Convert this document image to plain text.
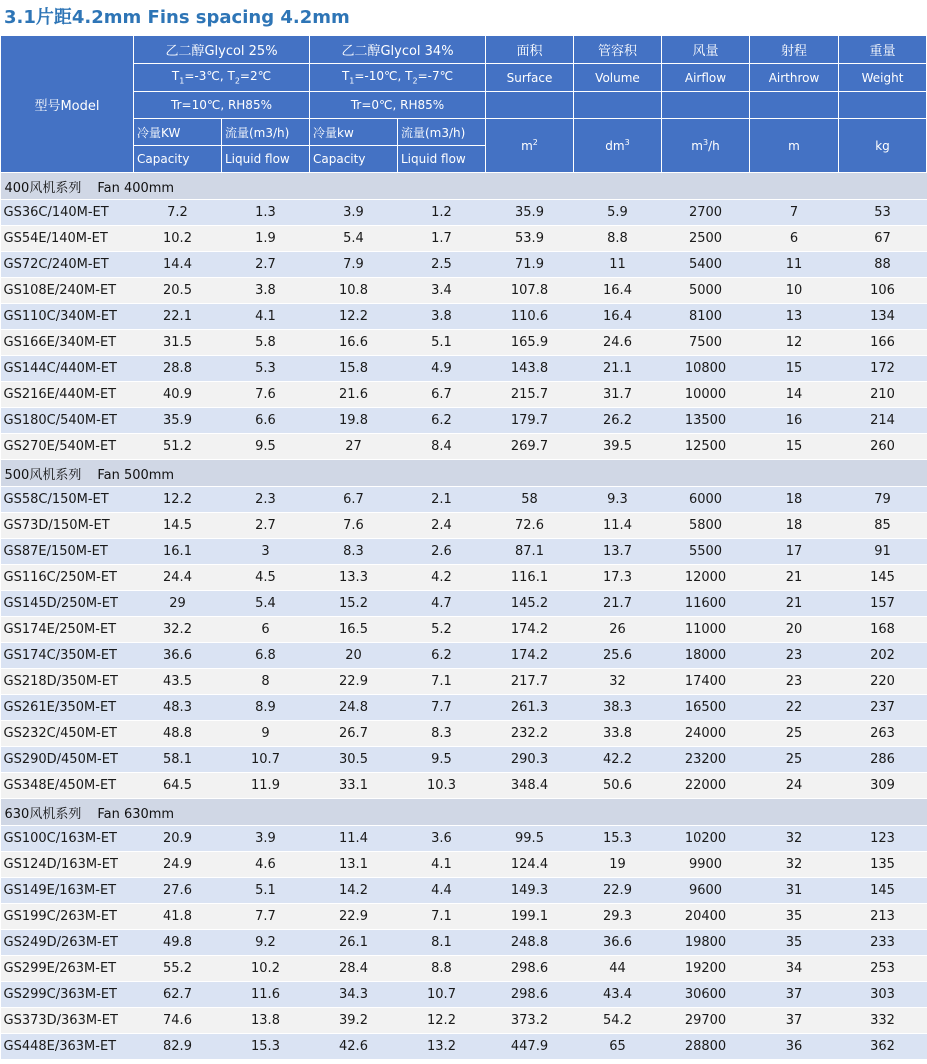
3.1片距4.2mm Fins spacing 4.2mm
型号Model	乙二醇Glycol 25%		乙二醇Glycol 34%		面积	管容积	风量	射程	重量
	$T_1=-3℃$, $T_2=2℃$		$T_1=-10℃$, $T_2=-7℃$		Surface	Volume	Airflow	Airthrow	Weight
	Tr=10℃, RH85%		Tr=0℃, RH85%						
	冷量KW	流量(m3/h)	冷量kw	流量(m3/h)	$m^2$	$dm^3$	$m^3/h$	m	kg
	Capacity	Liquid flow	Capacity	Liquid flow					
400风机系列 Fan 400mm									
GS36C/140M-ET	7.2	1.3	3.9	1.2	35.9	5.9	2700	7	53
GS54E/140M-ET	10.2	1.9	5.4	1.7	53.9	8.8	2500	6	67
GS72C/240M-ET	14.4	2.7	7.9	2.5	71.9	11	5400	11	88
GS108E/240M-ET	20.5	3.8	10.8	3.4	107.8	16.4	5000	10	106
GS110C/340M-ET	22.1	4.1	12.2	3.8	110.6	16.4	8100	13	134
GS166E/340M-ET	31.5	5.8	16.6	5.1	165.9	24.6	7500	12	166
GS144C/440M-ET	28.8	5.3	15.8	4.9	143.8	21.1	10800	15	172
GS216E/440M-ET	40.9	7.6	21.6	6.7	215.7	31.7	10000	14	210
GS180C/540M-ET	35.9	6.6	19.8	6.2	179.7	26.2	13500	16	214
GS270E/540M-ET	51.2	9.5	27	8.4	269.7	39.5	12500	15	260
500风机系列 Fan 500mm									
GS58C/150M-ET	12.2	2.3	6.7	2.1	58	9.3	6000	18	79
GS73D/150M-ET	14.5	2.7	7.6	2.4	72.6	11.4	5800	18	85
GS87E/150M-ET	16.1	3	8.3	2.6	87.1	13.7	5500	17	91
GS116C/250M-ET	24.4	4.5	13.3	4.2	116.1	17.3	12000	21	145
GS145D/250M-ET	29	5.4	15.2	4.7	145.2	21.7	11600	21	157
GS174E/250M-ET	32.2	6	16.5	5.2	174.2	26	11000	20	168
GS174C/350M-ET	36.6	6.8	20	6.2	174.2	25.6	18000	23	202
GS218D/350M-ET	43.5	8	22.9	7.1	217.7	32	17400	23	220
GS261E/350M-ET	48.3	8.9	24.8	7.7	261.3	38.3	16500	22	237
GS232C/450M-ET	48.8	9	26.7	8.3	232.2	33.8	24000	25	263
GS290D/450M-ET	58.1	10.7	30.5	9.5	290.3	42.2	23200	25	286
GS348E/450M-ET	64.5	11.9	33.1	10.3	348.4	50.6	22000	24	309
630风机系列 Fan 630mm									
GS100C/163M-ET	20.9	3.9	11.4	3.6	99.5	15.3	10200	32	123
GS124D/163M-ET	24.9	4.6	13.1	4.1	124.4	19	9900	32	135
GS149E/163M-ET	27.6	5.1	14.2	4.4	149.3	22.9	9600	31	145
GS199C/263M-ET	41.8	7.7	22.9	7.1	199.1	29.3	20400	35	213
GS249D/263M-ET	49.8	9.2	26.1	8.1	248.8	36.6	19800	35	233
GS299E/263M-ET	55.2	10.2	28.4	8.8	298.6	44	19200	34	253
GS299C/363M-ET	62.7	11.6	34.3	10.7	298.6	43.4	30600	37	303
GS373D/363M-ET	74.6	13.8	39.2	12.2	373.2	54.2	29700	37	332
GS448E/363M-ET	82.9	15.3	42.6	13.2	447.9	65	28800	36	362
